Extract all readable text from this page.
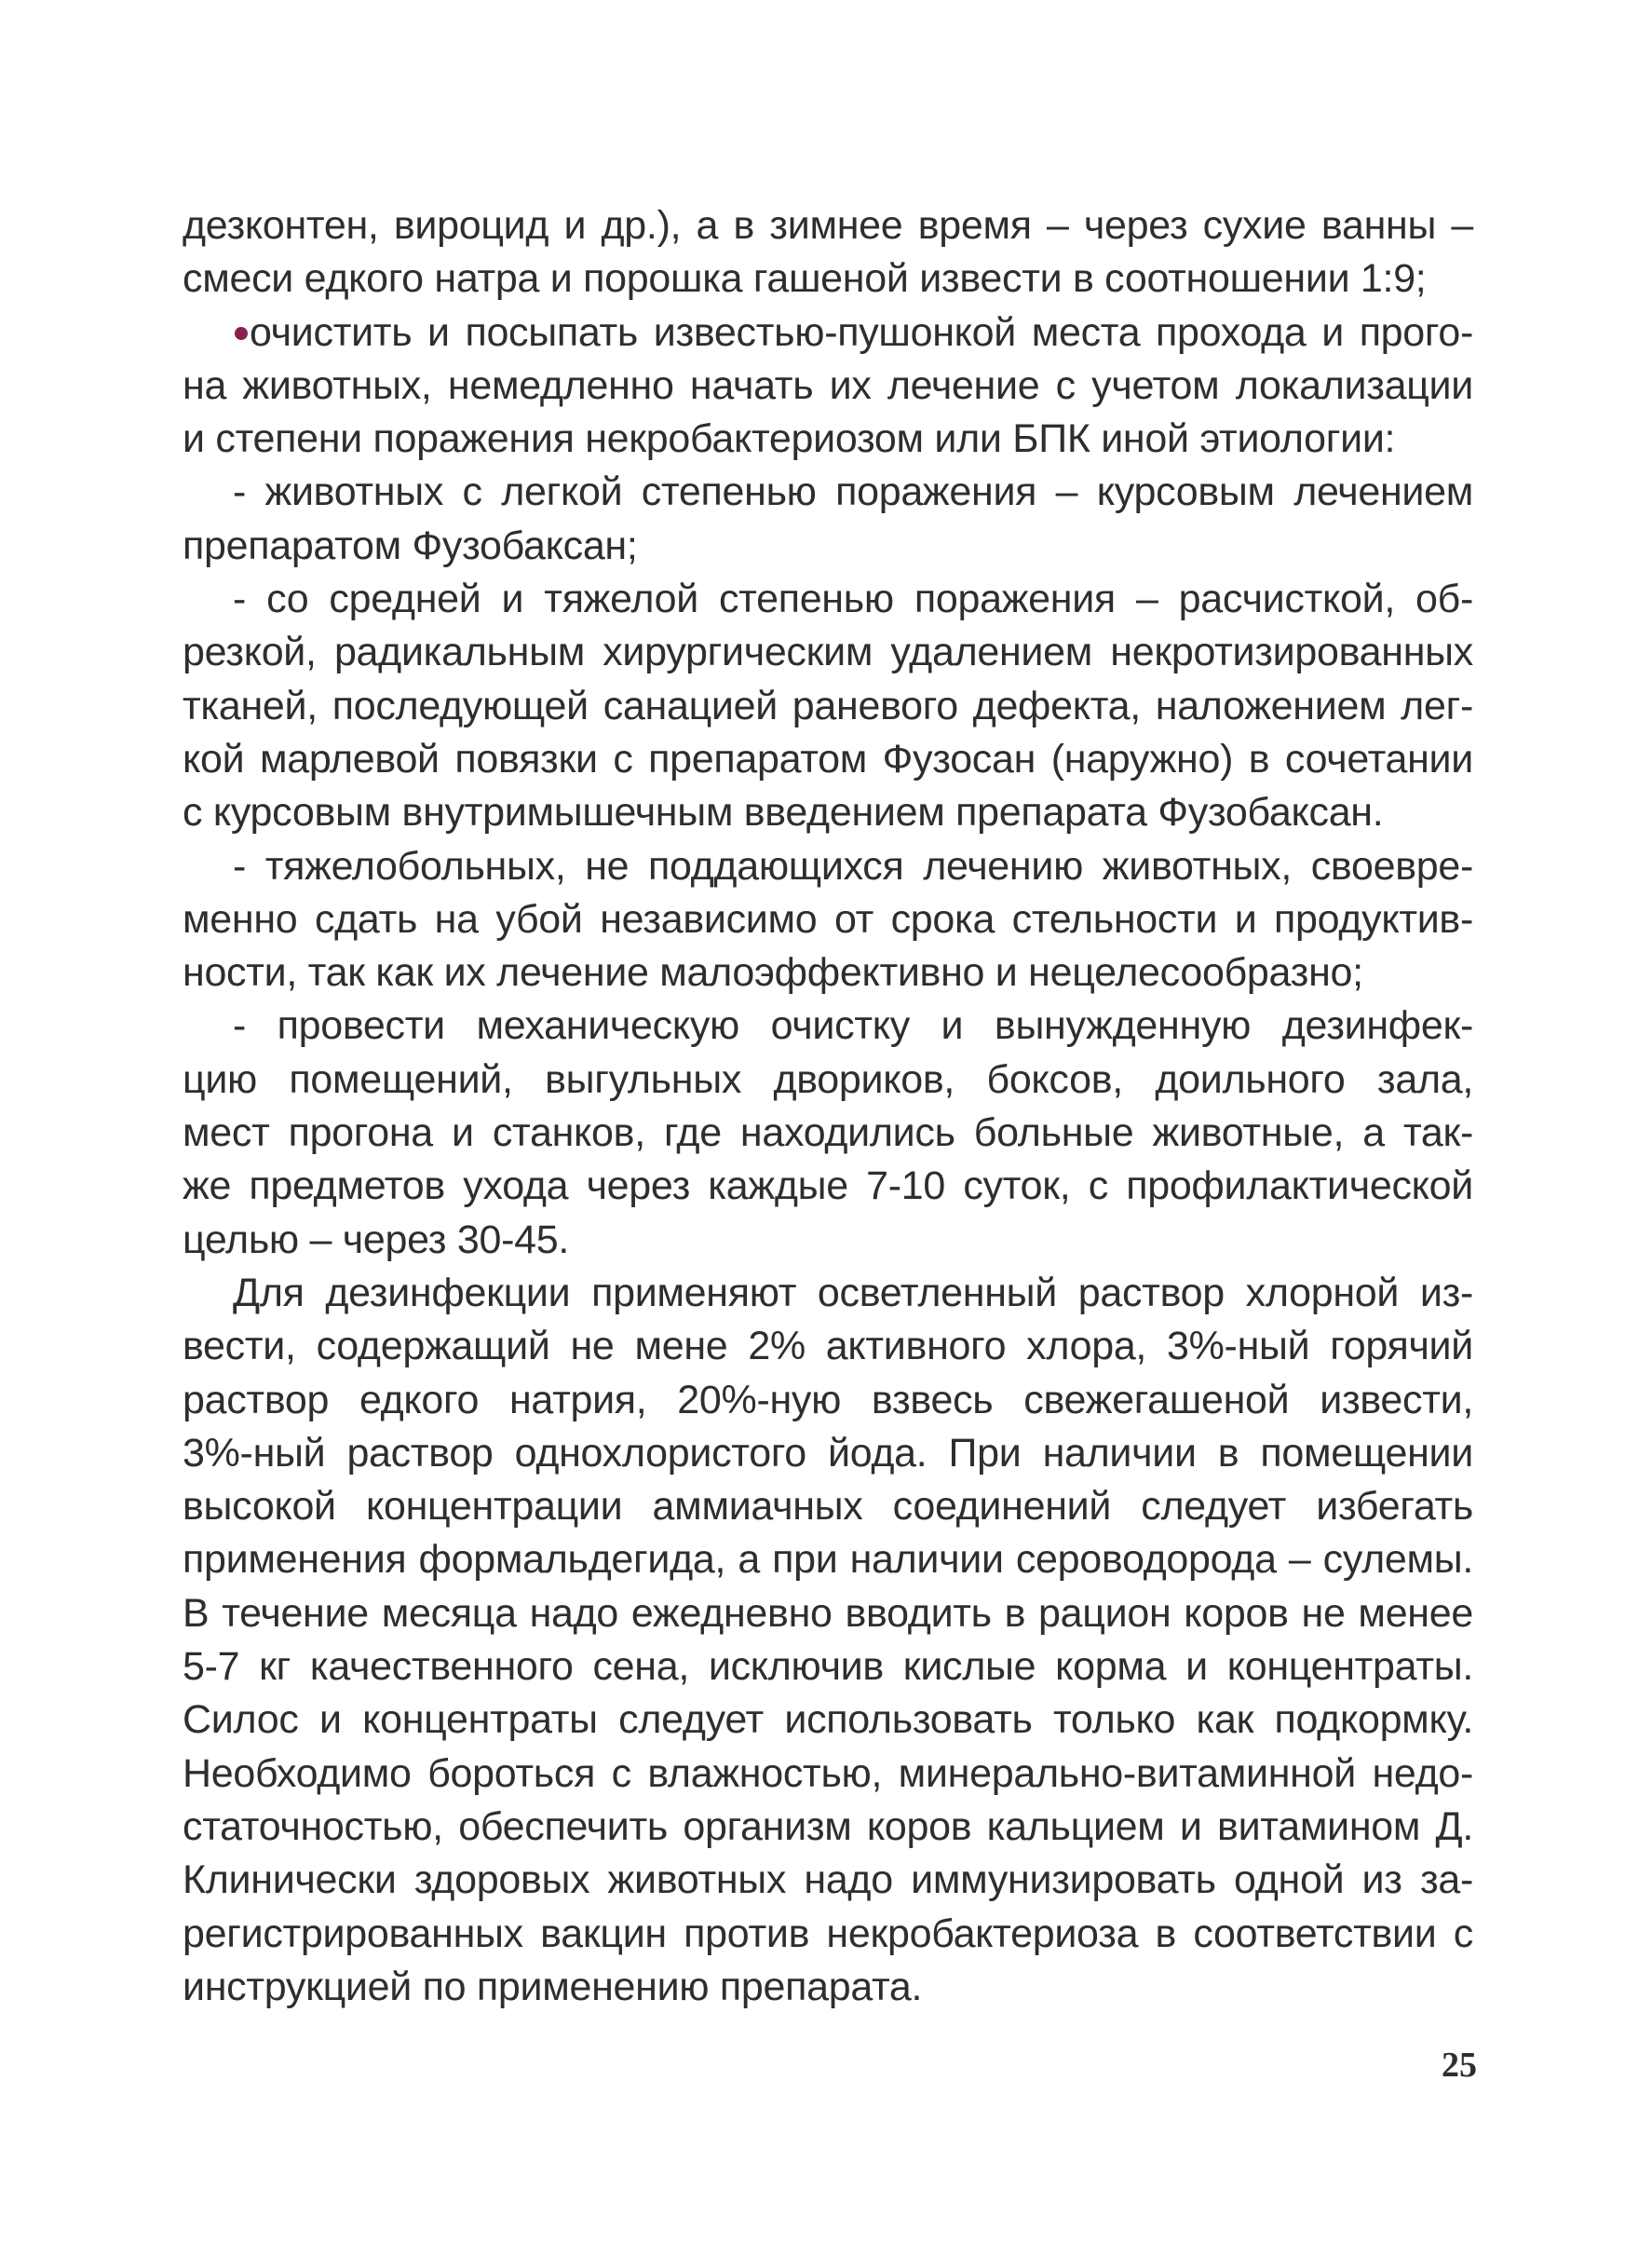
дезконтен, вироцид и др.), а в зимнее время – через сухие ванны –
смеси едкого натра и порошка гашеной извести в соотношении 1:9;
очистить и посыпать известью-пушонкой места прохода и прого-
на животных, немедленно начать их лечение с учетом локализации
и степени поражения некробактериозом или БПК иной этиологии:
- животных с легкой степенью поражения – курсовым лечением
препаратом Фузобаксан;
- со средней и тяжелой степенью поражения – расчисткой, об-
резкой, радикальным хирургическим удалением некротизированных
тканей, последующей санацией раневого дефекта, наложением лег-
кой марлевой повязки с препаратом Фузосан (наружно) в сочетании
с курсовым внутримышечным введением препарата Фузобаксан.
- тяжелобольных, не поддающихся лечению животных, своевре-
менно сдать на убой независимо от срока стельности и продуктив-
ности, так как их лечение малоэффективно и нецелесообразно;
- провести механическую очистку и вынужденную дезинфек-
цию помещений, выгульных двориков, боксов, доильного зала,
мест прогона и станков, где находились больные животные, а так-
же предметов ухода через каждые 7-10 суток, с профилактической
целью – через 30-45.
Для дезинфекции применяют осветленный раствор хлорной из-
вести, содержащий не мене 2% активного хлора, 3%-ный горячий
раствор едкого натрия, 20%-ную взвесь свежегашеной извести,
3%-ный раствор однохлористого йода. При наличии в помещении
высокой концентрации аммиачных соединений следует избегать
применения формальдегида, а при наличии сероводорода – сулемы.
В течение месяца надо ежедневно вводить в рацион коров не менее
5-7 кг качественного сена, исключив кислые корма и концентраты.
Силос и концентраты следует использовать только как подкормку.
Необходимо бороться с влажностью, минерально-витаминной недо-
статочностью, обеспечить организм коров кальцием и витамином Д.
Клинически здоровых животных надо иммунизировать одной из за-
регистрированных вакцин против некробактериоза в соответствии с
инструкцией по применению препарата.
25
